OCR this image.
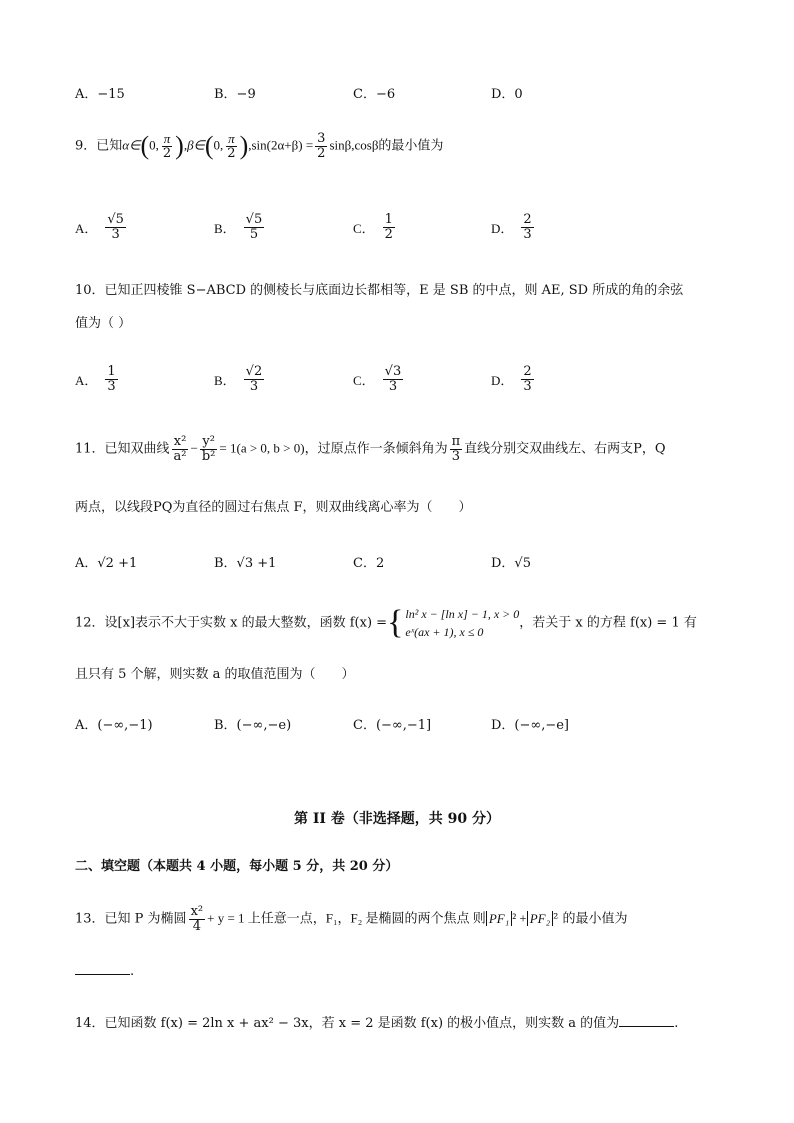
A．−15	B．−9	C．−6	D．0
9．已知α∈(0, $\frac{\pi}{2}$ ),β∈(0, $\frac{\pi}{2} ),\sin(2\alpha+\beta) = \frac{3}{2} \sin\beta,\cos\beta$的最小值为
A． $\frac{√5}{3}$	B． $\frac{√5}{5}$	C． $\frac{1}{2}$	D． $\frac{2}{3}$
10．已知正四棱锥 S−ABCD 的侧棱长与底面边长都相等，E 是 SB 的中点，则 AE, SD 所成的角的余弦
值为（ ）
A． $\frac{1}{3}$	B． $\frac{√2}{3}$	C． $\frac{√3}{3}$	D． $\frac{2}{3}$
11．已知双曲线 $\frac{\text{x²}}{\text{a²}} - \frac{\text{y²}}{\text{b²}} = 1(a > 0$, b > 0)，过原点作一条倾斜角为 $\frac{\pi}{3}$ 直线分别交双曲线左、右两支P，Q
两点，以线段PQ为直径的圆过右焦点 F，则双曲线离心率为（　　）
A．√2 +1	B．√3 +1	C．2	D．√5
12．设[x]表示不大于实数 x 的最大整数，函数 f(x) = { ln² x − [ln x] − 1, x > 0
eˣ(ax + 1), x ≤ 0
，若关于 x 的方程 f(x) = 1 有
且只有 5 个解，则实数 a 的取值范围为（　　）
A．(−∞,−1)	B．(−∞,−e)	C．(−∞,−1]	D．(−∞,−e]
第 II 卷（非选择题，共 90 分）
二、填空题（本题共 4 小题，每小题 5 分，共 20 分）
13．已知 P 为椭圆 $\frac{\text{x²}}{4} + y = 1$ 上任意一点，F₁，F₂ 是椭圆的两个焦点 则 PF₁ ² + PF₂ ² 的最小值为
.
14．已知函数 f(x) = 2ln x + ax² − 3x，若 x = 2 是函数 f(x) 的极小值点，则实数 a 的值为	.
